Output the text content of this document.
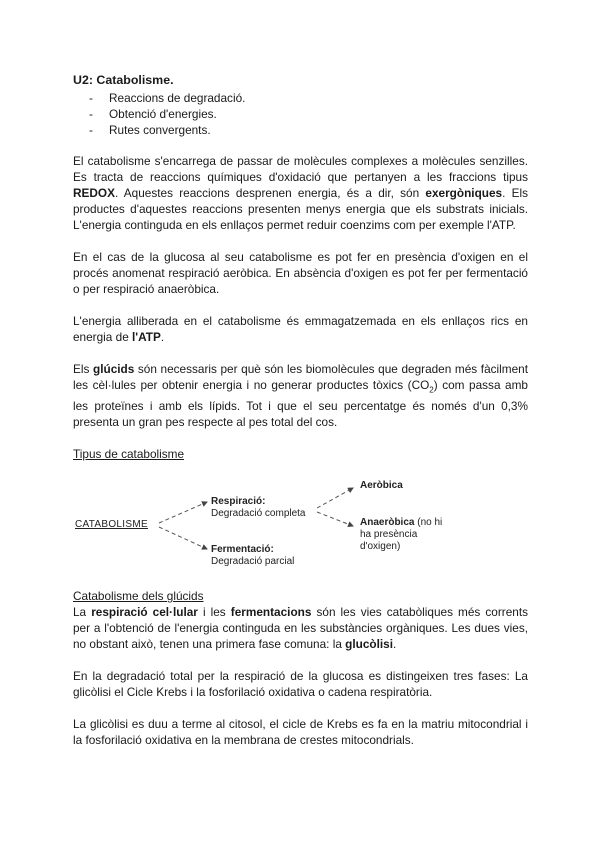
U2: Catabolisme.
-	Reaccions de degradació.
-	Obtenció d'energies.
-	Rutes convergents.

El catabolisme s'encarrega de passar de molècules complexes a molècules senzilles. Es tracta de reaccions químiques d'oxidació que pertanyen a les fraccions tipus REDOX. Aquestes reaccions desprenen energia, és a dir, són exergòniques. Els productes d'aquestes reaccions presenten menys energia que els substrats inicials. L'energia continguda en els enllaços permet reduir coenzims com per exemple l'ATP.

En el cas de la glucosa al seu catabolisme es pot fer en presència d'oxigen en el procés anomenat respiració aeròbica. En absència d'oxigen es pot fer per fermentació o per respiració anaeròbica.

L'energia alliberada en el catabolisme és emmagatzemada en els enllaços rics en energia de l'ATP.

Els glúcids són necessaris per què són les biomolècules que degraden més fàcilment les cèl·lules per obtenir energia i no generar productes tòxics $(CO_2)$ com passa amb les proteïnes i amb els lípids. Tot i que el seu percentatge és només d'un 0,3% presenta un gran pes respecte al pes total del cos.

Tipus de catabolisme
CATABOLISME
Respiració:
Degradació completa
Fermentació:
Degradació parcial
Aeròbica
Anaeròbica (no hi
ha presència
d'oxigen)
Catabolisme dels glúcids

La respiració cel·lular i les fermentacions són les vies catabòliques més corrents per a l'obtenció de l'energia continguda en les substàncies orgàniques. Les dues vies, no obstant això, tenen una primera fase comuna: la glucòlisi.

En la degradació total per la respiració de la glucosa es distingeixen tres fases: La glicòlisi el Cicle Krebs i la fosforilació oxidativa o cadena respiratòria.

La glicòlisi es duu a terme al citosol, el cicle de Krebs es fa en la matriu mitocondrial i la fosforilació oxidativa en la membrana de crestes mitocondrials.
